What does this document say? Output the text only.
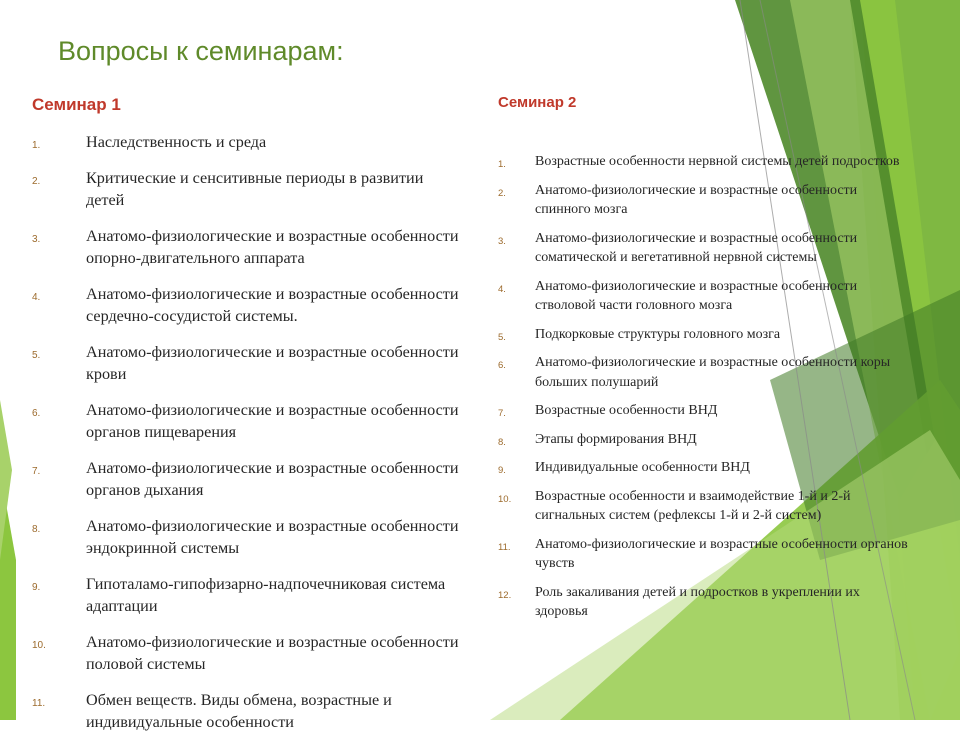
Вопросы к семинарам:
Семинар 1	Семинар 2
1.	Наследственность и среда
2.	Критические и сенситивные периоды в развитии детей
3.	Анатомо-физиологические и возрастные особенности опорно-двигательного аппарата
4.	Анатомо-физиологические и возрастные особенности сердечно-сосудистой системы.
5.	Анатомо-физиологические и возрастные особенности крови
6.	Анатомо-физиологические и возрастные особенности органов пищеварения
7.	Анатомо-физиологические и возрастные особенности органов дыхания
8.	Анатомо-физиологические и возрастные особенности эндокринной системы
9.	Гипоталамо-гипофизарно-надпочечниковая система адаптации
10. Анатомо-физиологические и возрастные особенности половой системы
11.	Обмен веществ. Виды обмена, возрастные и индивидуальные особенности
1. Возрастные особенности нервной системы детей подростков
2. Анатомо-физиологические и возрастные особенности спинного мозга
3. Анатомо-физиологические и возрастные особенности соматической и вегетативной нервной системы
4. Анатомо-физиологические и возрастные особенности стволовой части головного мозга
5. Подкорковые структуры головного мозга
6. Анатомо-физиологические и возрастные особенности коры больших полушарий
7. Возрастные особенности ВНД
8. Этапы формирования ВНД
9. Индивидуальные особенности ВНД
10. Возрастные особенности и взаимодействие 1-й и 2-й сигнальных систем (рефлексы 1-й и 2-й систем)
11. Анатомо-физиологические и возрастные особенности органов чувств
12. Роль закаливания детей и подростков в укреплении их здоровья
